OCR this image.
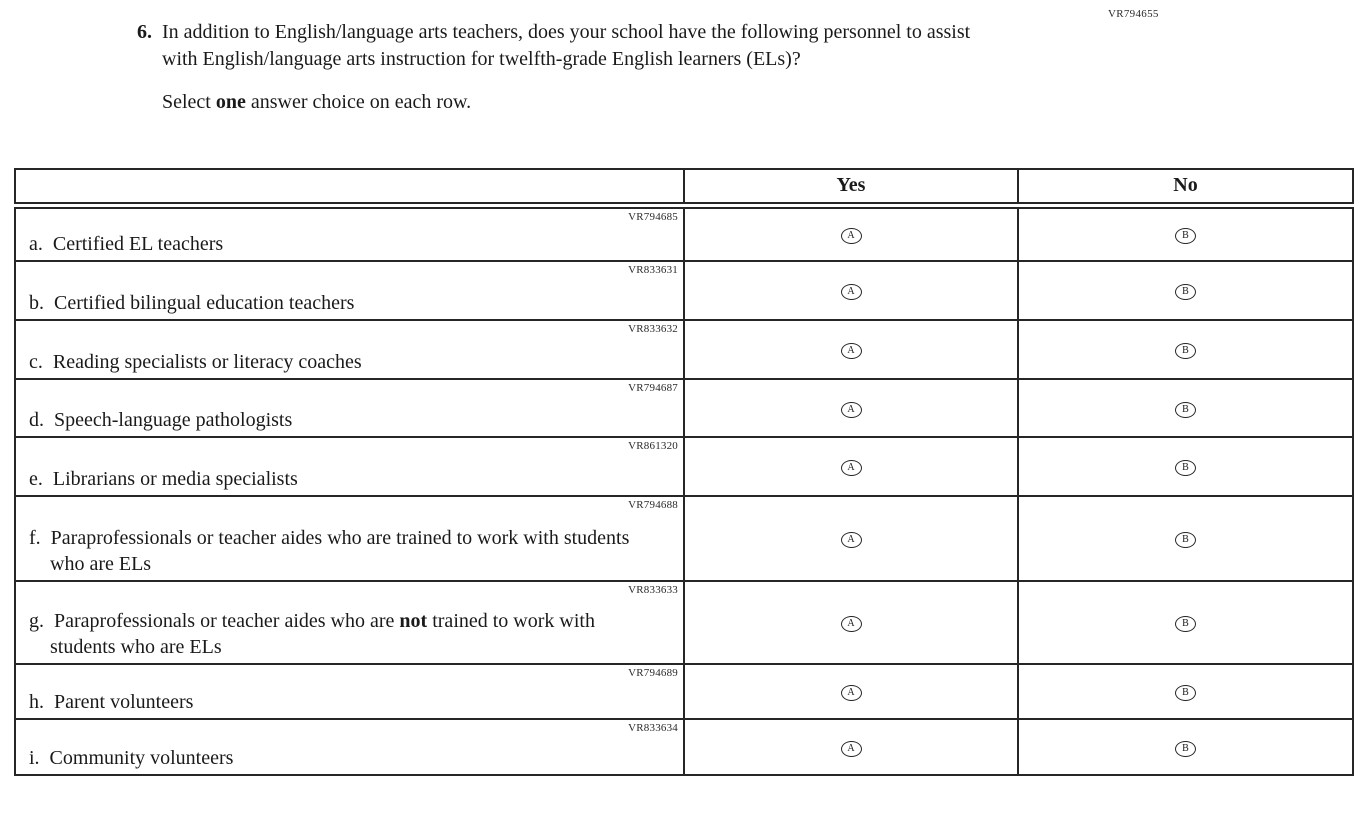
VR794655
6. In addition to English/language arts teachers, does your school have the following personnel to assist with English/language arts instruction for twelfth-grade English learners (ELs)?
Select one answer choice on each row.
	Yes	No

VR794685
a.  Certified EL teachers	A	B

VR833631
b.  Certified bilingual education teachers	A	B

VR833632
c.  Reading specialists or literacy coaches	A	B

VR794687
d.  Speech-language pathologists	A	B

VR861320
e.  Librarians or media specialists	A	B

VR794688
f.  Paraprofessionals or teacher aides who are trained to work with students who are ELs	A	B

VR833633
g.  Paraprofessionals or teacher aides who are not trained to work with students who are ELs	A	B

VR794689
h.  Parent volunteers	A	B

VR833634
i.  Community volunteers	A	B
